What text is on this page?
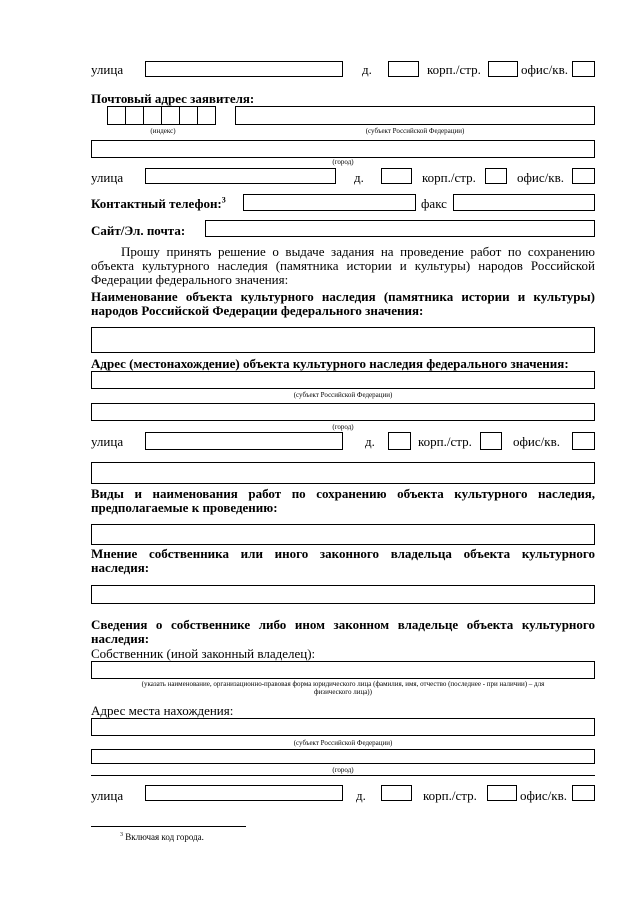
улица	д.	корп./стр.	офис/кв.
Почтовый адрес заявителя:
(индекс)	(субъект Российской Федерации)
(город)
улица	д.	корп./стр.	офис/кв.
Контактный телефон:$^3$	факс
Сайт/Эл. почта:
Прошу принять решение о выдаче задания на проведение работ по сохранению объекта культурного наследия (памятника истории и культуры) народов Российской Федерации федерального значения:
Наименование объекта культурного наследия (памятника истории и культуры) народов Российской Федерации федерального значения:
Адрес (местонахождение) объекта культурного наследия федерального значения:
(субъект Российской Федерации)
(город)
улица	д.	корп./стр.	офис/кв.
Виды и наименования работ по сохранению объекта культурного наследия, предполагаемые к проведению:
Мнение собственника или иного законного владельца объекта культурного наследия:
Сведения о собственнике либо ином законном владельце объекта культурного наследия:
Собственник (иной законный владелец):
(указать наименование, организационно-правовая форма юридического лица (фамилия, имя, отчество (последнее - при наличии) – для
физического лица))
Адрес места нахождения:
(субъект Российской Федерации)
(город)
улица	д.	корп./стр.	офис/кв.
$^3$ Включая код города.
